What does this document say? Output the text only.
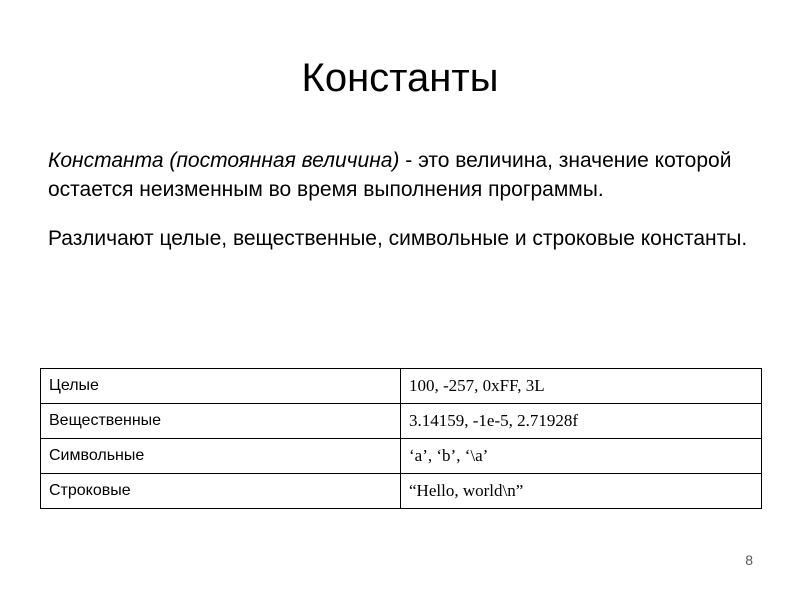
Константы

Константа (постоянная величина) - это величина, значение которой остается неизменным во время выполнения программы.

Различают целые, вещественные, символьные и строковые константы.

Целые	100, -257, 0xFF, 3L
Вещественные	3.14159, -1e-5, 2.71928f
Символьные	‘a’, ‘b’, ‘\a’
Строковые	“Hello, world\n”
8
